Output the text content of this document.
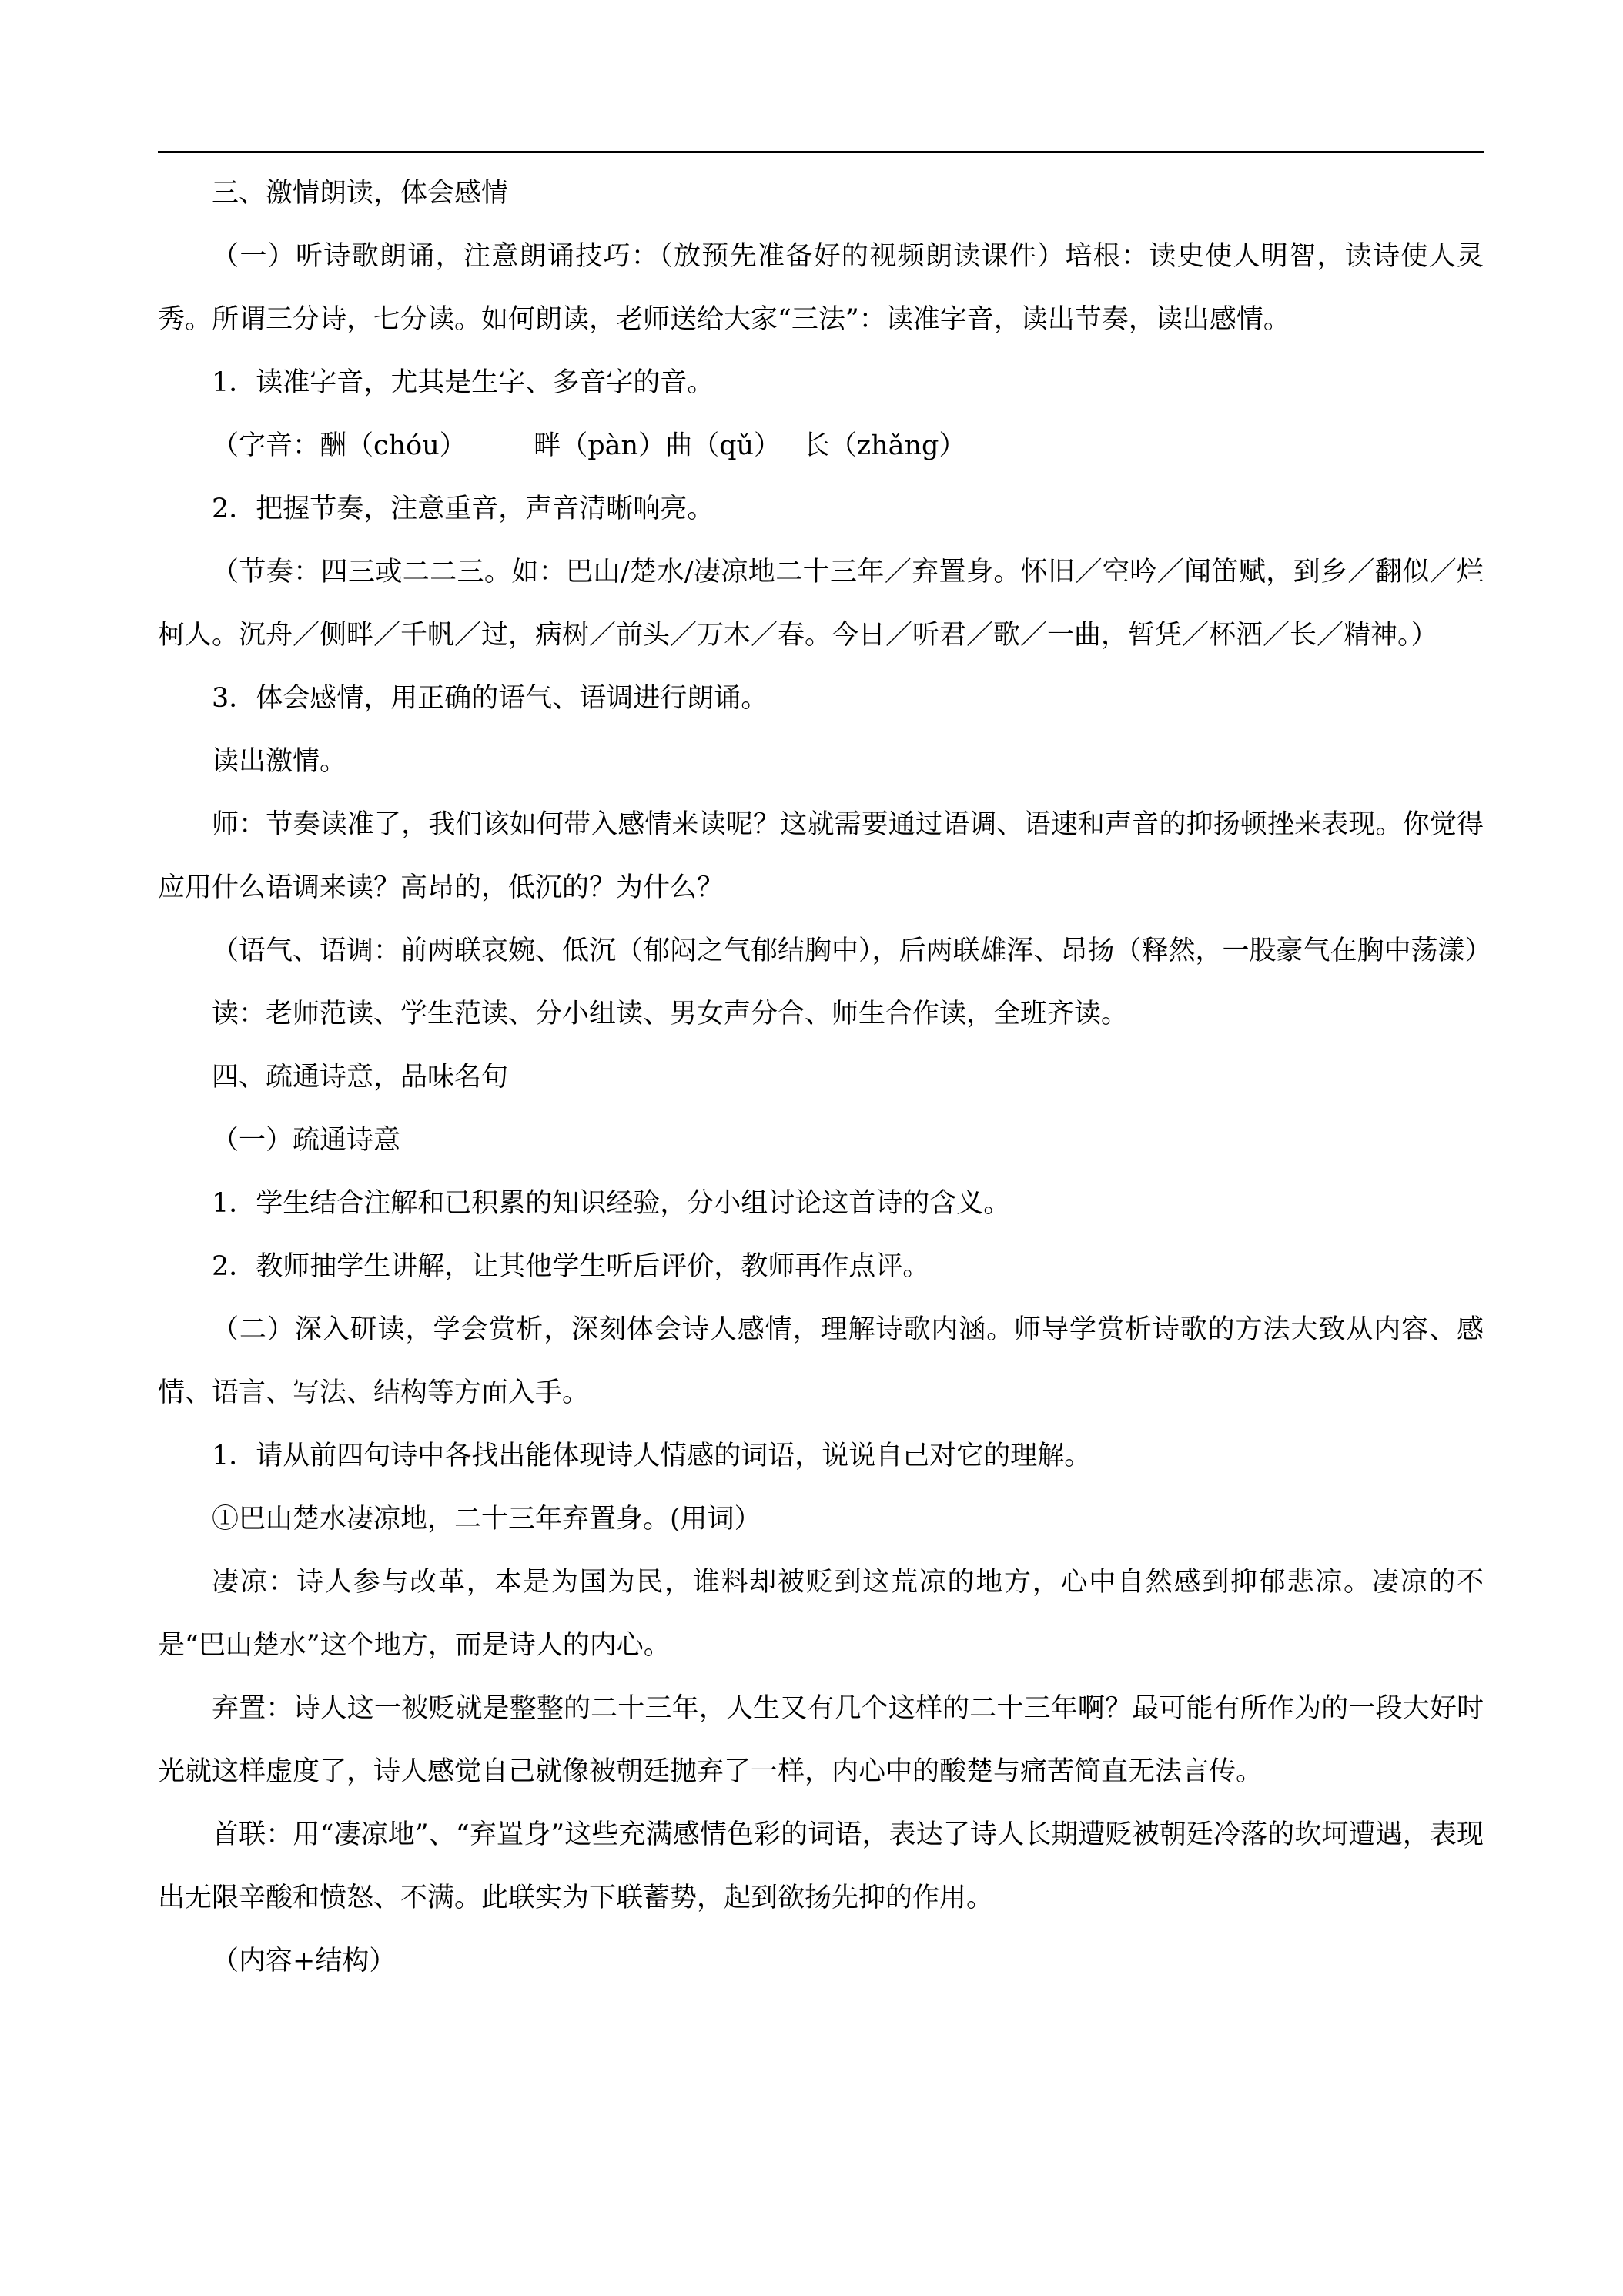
三、激情朗读，体会感情

（一）听诗歌朗诵，注意朗诵技巧：（放预先准备好的视频朗读课件）培根：读史使人明智，读诗使人灵秀。所谓三分诗，七分读。如何朗读，老师送给大家“三法”：读准字音，读出节奏，读出感情。

1．读准字音，尤其是生字、多音字的音。

（字音：酬（chóu）　　　畔（pàn）曲（qǔ）　 长（zhǎng）

2．把握节奏，注意重音，声音清晰响亮。

（节奏：四三或二二三。如：巴山/楚水/凄凉地二十三年／弃置身。怀旧／空吟／闻笛赋，到乡／翻似／烂柯人。沉舟／侧畔／千帆／过，病树／前头／万木／春。今日／听君／歌／一曲，暂凭／杯酒／长／精神。）

3．体会感情，用正确的语气、语调进行朗诵。

读出激情。

师：节奏读准了，我们该如何带入感情来读呢？这就需要通过语调、语速和声音的抑扬顿挫来表现。你觉得应用什么语调来读？高昂的，低沉的？为什么？

（语气、语调：前两联哀婉、低沉（郁闷之气郁结胸中），后两联雄浑、昂扬（释然，一股豪气在胸中荡漾）

读：老师范读、学生范读、分小组读、男女声分合、师生合作读，全班齐读。

四、疏通诗意，品味名句

（一）疏通诗意

1．学生结合注解和已积累的知识经验，分小组讨论这首诗的含义。

2．教师抽学生讲解，让其他学生听后评价，教师再作点评。

（二）深入研读，学会赏析，深刻体会诗人感情，理解诗歌内涵。师导学赏析诗歌的方法大致从内容、感情、语言、写法、结构等方面入手。

1．请从前四句诗中各找出能体现诗人情感的词语，说说自己对它的理解。

①巴山楚水凄凉地，二十三年弃置身。(用词）

凄凉：诗人参与改革，本是为国为民，谁料却被贬到这荒凉的地方，心中自然感到抑郁悲凉。凄凉的不是“巴山楚水”这个地方，而是诗人的内心。

弃置：诗人这一被贬就是整整的二十三年，人生又有几个这样的二十三年啊？最可能有所作为的一段大好时光就这样虚度了，诗人感觉自己就像被朝廷抛弃了一样，内心中的酸楚与痛苦简直无法言传。

首联：用“凄凉地”、“弃置身”这些充满感情色彩的词语，表达了诗人长期遭贬被朝廷冷落的坎坷遭遇，表现出无限辛酸和愤怒、不满。此联实为下联蓄势，起到欲扬先抑的作用。

（内容+结构）
